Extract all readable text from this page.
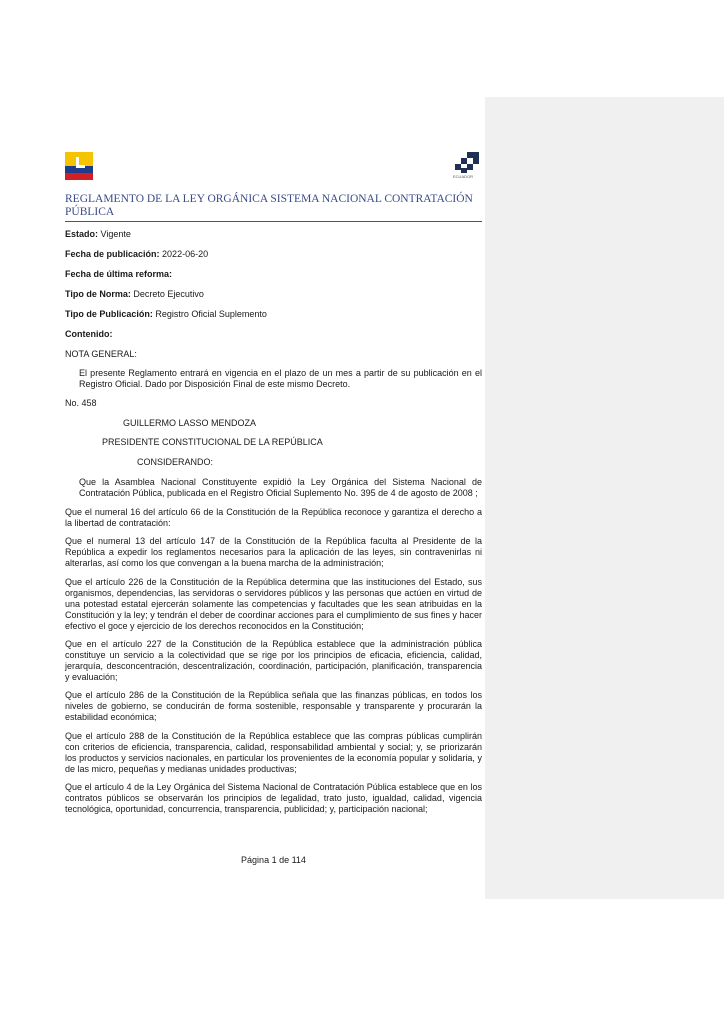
ECUADOR
REGLAMENTO DE LA LEY ORGÁNICA SISTEMA NACIONAL CONTRATACIÓN PÚBLICA
Estado: Vigente
Fecha de publicación: 2022-06-20
Fecha de última reforma:
Tipo de Norma: Decreto Ejecutivo
Tipo de Publicación: Registro Oficial Suplemento
Contenido:
NOTA GENERAL:
El presente Reglamento entrará en vigencia en el plazo de un mes a partir de su publicación en el Registro Oficial. Dado por Disposición Final de este mismo Decreto.
No. 458
GUILLERMO LASSO MENDOZA
PRESIDENTE CONSTITUCIONAL DE LA REPÚBLICA
CONSIDERANDO:
Que la Asamblea Nacional Constituyente expidió la Ley Orgánica del Sistema Nacional de Contratación Pública, publicada en el Registro Oficial Suplemento No. 395 de 4 de agosto de 2008 ;
Que el numeral 16 del artículo 66 de la Constitución de la República reconoce y garantiza el derecho a la libertad de contratación:
Que el numeral 13 del artículo 147 de la Constitución de la República faculta al Presidente de la República a expedir los reglamentos necesarios para la aplicación de las leyes, sin contravenirlas ni alterarlas, así como los que convengan a la buena marcha de la administración;
Que el artículo 226 de la Constitución de la República determina que las instituciones del Estado, sus organismos, dependencias, las servidoras o servidores públicos y las personas que actúen en virtud de una potestad estatal ejercerán solamente las competencias y facultades que les sean atribuidas en la Constitución y la ley; y tendrán el deber de coordinar acciones para el cumplimiento de sus fines y hacer efectivo el goce y ejercicio de los derechos reconocidos en la Constitución;
Que en el artículo 227 de la Constitución de la República establece que la administración pública constituye un servicio a la colectividad que se rige por los principios de eficacia, eficiencia, calidad, jerarquía, desconcentración, descentralización, coordinación, participación, planificación, transparencia y evaluación;
Que el artículo 286 de la Constitución de la República señala que las finanzas públicas, en todos los niveles de gobierno, se conducirán de forma sostenible, responsable y transparente y procurarán la estabilidad económica;
Que el artículo 288 de la Constitución de la República establece que las compras públicas cumplirán con criterios de eficiencia, transparencia, calidad, responsabilidad ambiental y social; y, se priorizarán los productos y servicios nacionales, en particular los provenientes de la economía popular y solidaria, y de las micro, pequeñas y medianas unidades productivas;
Que el artículo 4 de la Ley Orgánica del Sistema Nacional de Contratación Pública establece que en los contratos públicos se observarán los principios de legalidad, trato justo, igualdad, calidad, vigencia tecnológica, oportunidad, concurrencia, transparencia, publicidad; y, participación nacional;
Página 1 de 114
